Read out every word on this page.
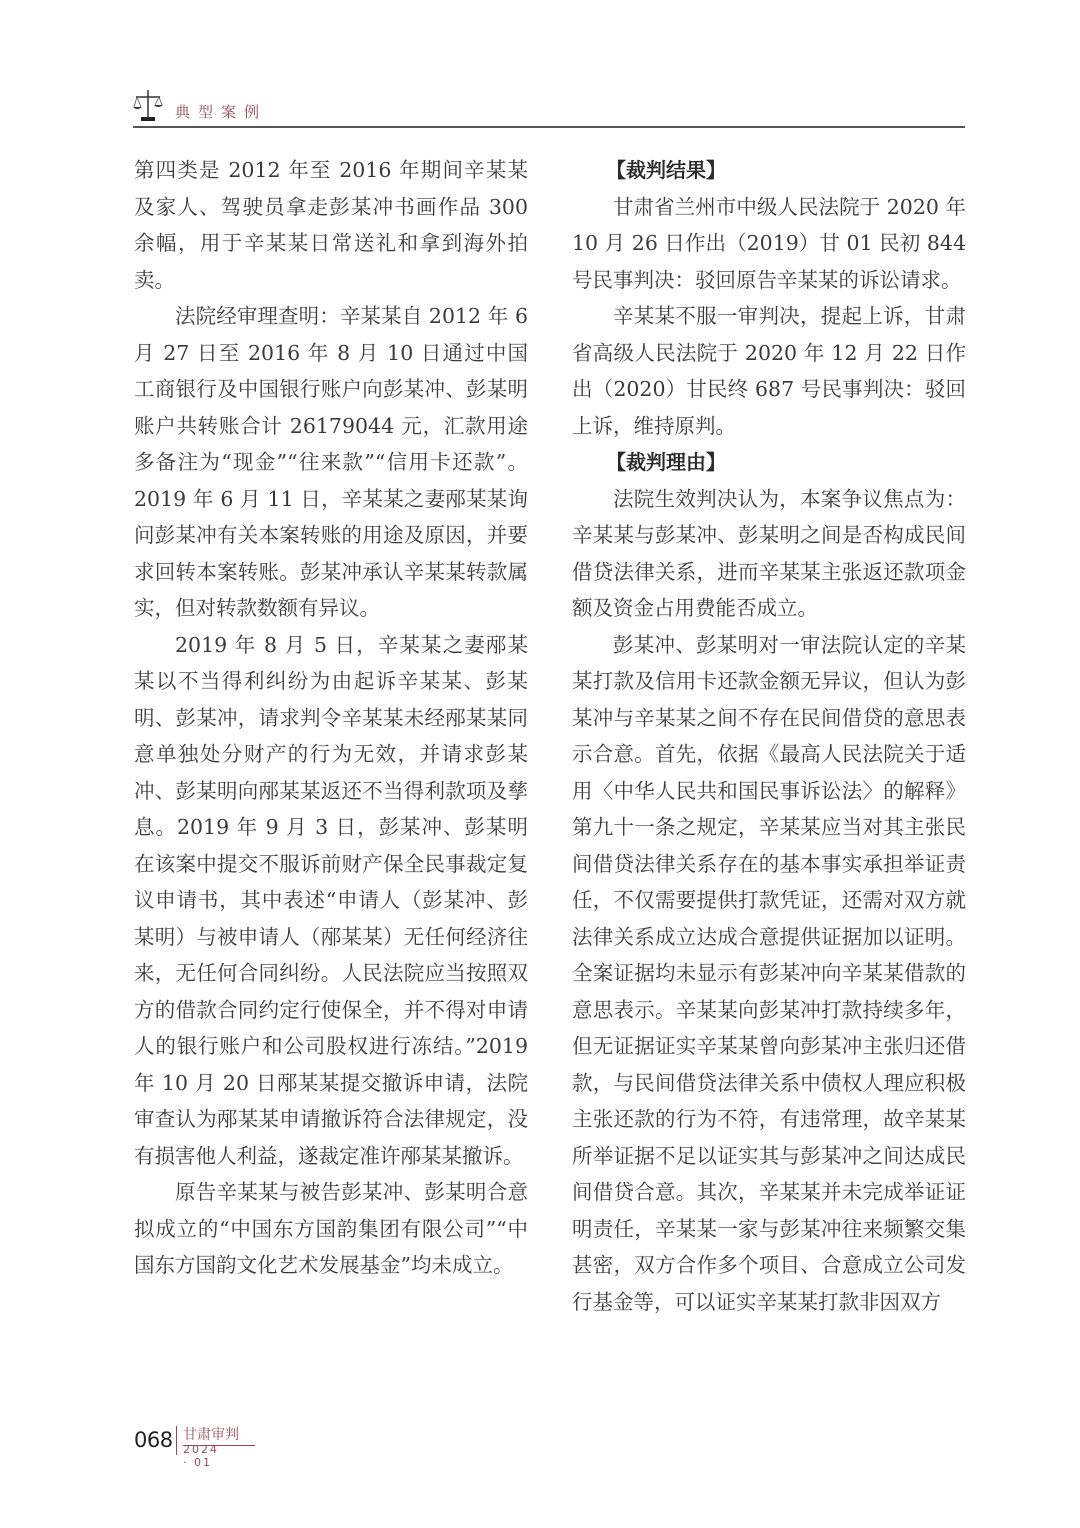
典型案例

第四类是 2012 年至 2016 年期间辛某某及家人、驾驶员拿走彭某冲书画作品 300 余幅，用于辛某某日常送礼和拿到海外拍卖。

法院经审理查明：辛某某自 2012 年 6 月 27 日至 2016 年 8 月 10 日通过中国工商银行及中国银行账户向彭某冲、彭某明账户共转账合计 26179044 元，汇款用途多备注为“现金”“往来款”“信用卡还款”。2019 年 6 月 11 日，辛某某之妻邴某某询问彭某冲有关本案转账的用途及原因，并要求回转本案转账。彭某冲承认辛某某转款属实，但对转款数额有异议。

2019 年 8 月 5 日，辛某某之妻邴某某以不当得利纠纷为由起诉辛某某、彭某明、彭某冲，请求判令辛某某未经邴某某同意单独处分财产的行为无效，并请求彭某冲、彭某明向邴某某返还不当得利款项及孳息。2019 年 9 月 3 日，彭某冲、彭某明在该案中提交不服诉前财产保全民事裁定复议申请书，其中表述“申请人（彭某冲、彭某明）与被申请人（邴某某）无任何经济往来，无任何合同纠纷。人民法院应当按照双方的借款合同约定行使保全，并不得对申请人的银行账户和公司股权进行冻结。”2019 年 10 月 20 日邴某某提交撤诉申请，法院审查认为邴某某申请撤诉符合法律规定，没有损害他人利益，遂裁定准许邴某某撤诉。

原告辛某某与被告彭某冲、彭某明合意拟成立的“中国东方国韵集团有限公司”“中国东方国韵文化艺术发展基金”均未成立。

【裁判结果】

甘肃省兰州市中级人民法院于 2020 年 10 月 26 日作出（2019）甘 01 民初 844 号民事判决：驳回原告辛某某的诉讼请求。

辛某某不服一审判决，提起上诉，甘肃省高级人民法院于 2020 年 12 月 22 日作出（2020）甘民终 687 号民事判决：驳回上诉，维持原判。

【裁判理由】

法院生效判决认为，本案争议焦点为：辛某某与彭某冲、彭某明之间是否构成民间借贷法律关系，进而辛某某主张返还款项金额及资金占用费能否成立。

彭某冲、彭某明对一审法院认定的辛某某打款及信用卡还款金额无异议，但认为彭某冲与辛某某之间不存在民间借贷的意思表示合意。首先，依据《最高人民法院关于适用〈中华人民共和国民事诉讼法〉的解释》第九十一条之规定，辛某某应当对其主张民间借贷法律关系存在的基本事实承担举证责任，不仅需要提供打款凭证，还需对双方就法律关系成立达成合意提供证据加以证明。全案证据均未显示有彭某冲向辛某某借款的意思表示。辛某某向彭某冲打款持续多年，但无证据证实辛某某曾向彭某冲主张归还借款，与民间借贷法律关系中债权人理应积极主张还款的行为不符，有违常理，故辛某某所举证据不足以证实其与彭某冲之间达成民间借贷合意。其次，辛某某并未完成举证证明责任，辛某某一家与彭某冲往来频繁交集甚密，双方合作多个项目、合意成立公司发行基金等，可以证实辛某某打款非因双方

068 甘肃审判
2024 · 01
